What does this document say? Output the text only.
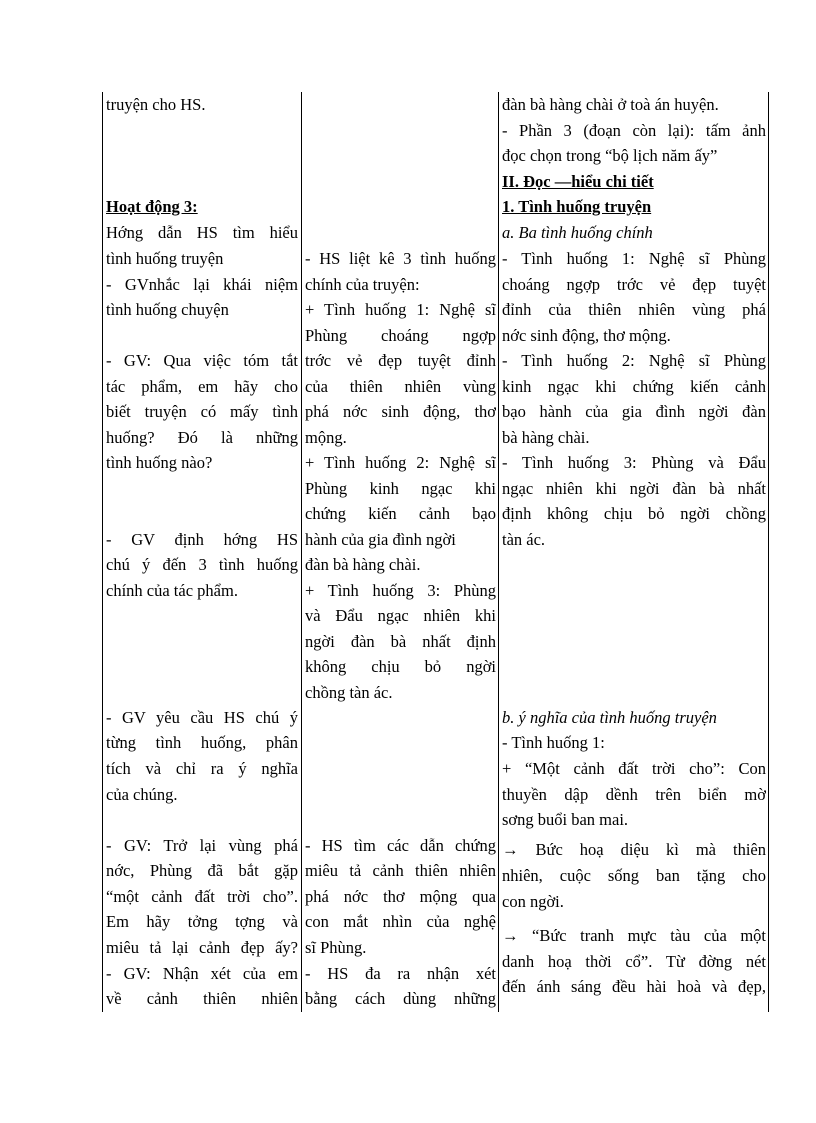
truyện cho HS.
Hoạt động 3:
Hớng dẫn HS tìm hiểu
tình huống truyện
- GVnhắc lại khái niệm
tình huống chuyện
- GV: Qua việc tóm tắt
tác phẩm, em hãy cho
biết truyện có mấy tình
huống? Đó là những
tình huống nào?
- GV định hớng HS
chú ý đến 3 tình huống
chính của tác phẩm.
- GV yêu cầu HS chú ý
từng tình huống, phân
tích và chỉ ra ý nghĩa
của chúng.
- GV: Trở lại vùng phá
nớc, Phùng đã bắt gặp
“một cảnh đất trời cho”.
Em hãy tởng tợng và
miêu tả lại cảnh đẹp ấy?
- GV: Nhận xét của em
về cảnh thiên nhiên
- HS liệt kê 3 tình huống
chính của truyện:
+ Tình huống 1: Nghệ sĩ
Phùng choáng ngợp
trớc vẻ đẹp tuyệt đỉnh
của thiên nhiên vùng
phá nớc sinh động, thơ
mộng.
+ Tình huống 2: Nghệ sĩ
Phùng kinh ngạc khi
chứng kiến cảnh bạo
hành của gia đình ngời
đàn bà hàng chài.
+ Tình huống 3: Phùng
và Đẩu ngạc nhiên khi
ngời đàn bà nhất định
không chịu bỏ ngời
chồng tàn ác.
- HS tìm các dẫn chứng
miêu tả cảnh thiên nhiên
phá nớc thơ mộng qua
con mắt nhìn của nghệ
sĩ Phùng.
- HS đa ra nhận xét
bằng cách dùng những
đàn bà hàng chài ở toà án huyện.
- Phần 3 (đoạn còn lại): tấm ảnh
đọc chọn trong “bộ lịch năm ấy”
II. Đọc —hiểu chi tiết
1. Tình huống truyện
a. Ba tình huống chính
- Tình huống 1: Nghệ sĩ Phùng
choáng ngợp trớc vẻ đẹp tuyệt
đỉnh của thiên nhiên vùng phá
nớc sinh động, thơ mộng.
- Tình huống 2: Nghệ sĩ Phùng
kinh ngạc khi chứng kiến cảnh
bạo hành của gia đình ngời đàn
bà hàng chài.
- Tình huống 3: Phùng và Đẩu
ngạc nhiên khi ngời đàn bà nhất
định không chịu bỏ ngời chồng
tàn ác.
b. ý nghĩa của tình huống truyện
- Tình huống 1:
+ “Một cảnh đất trời cho”: Con
thuyền dập dềnh trên biển mờ
sơng buổi ban mai.
→ Bức hoạ diệu kì mà thiên
nhiên, cuộc sống ban tặng cho
con ngời.
→ “Bức tranh mực tàu của một
danh hoạ thời cổ”. Từ đờng nét
đến ánh sáng đều hài hoà và đẹp,
